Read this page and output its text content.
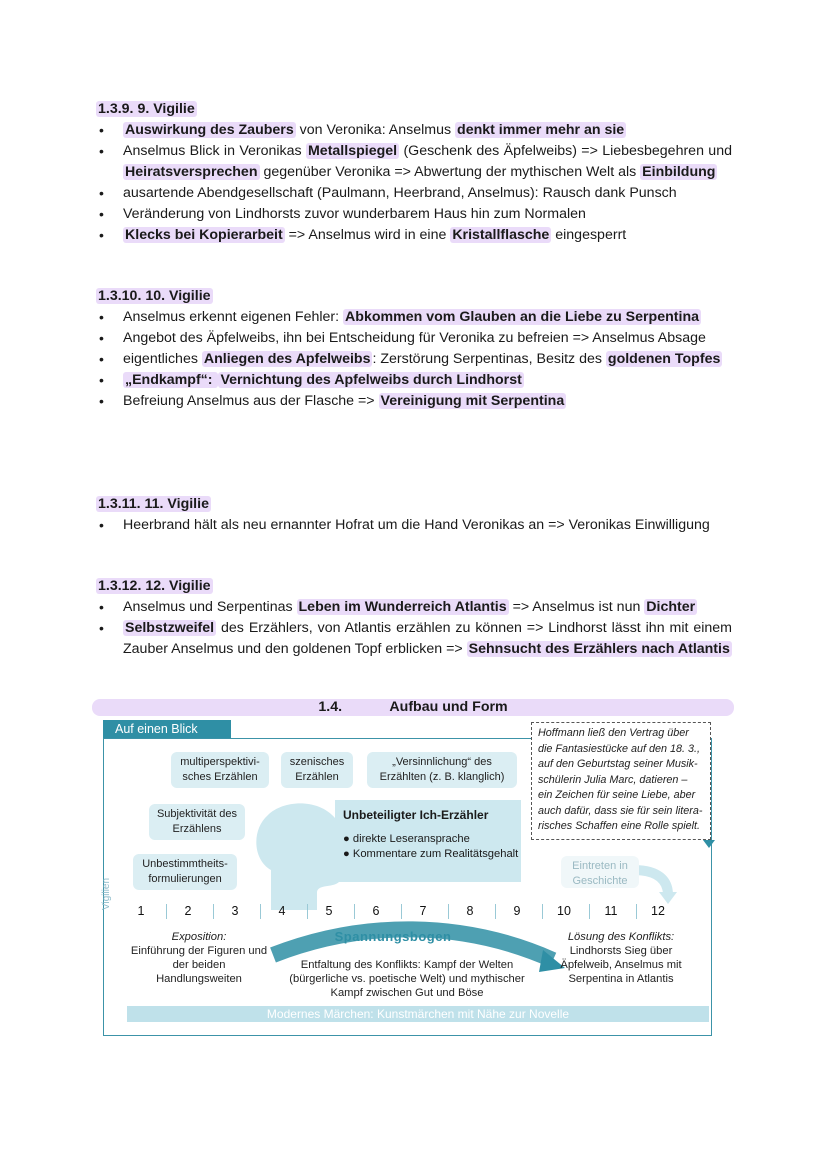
1.3.9. 9. Vigilie

• Auswirkung des Zaubers von Veronika: Anselmus denkt immer mehr an sie
• Anselmus Blick in Veronikas Metallspiegel (Geschenk des Äpfelweibs) => Liebesbegehren und Heiratsversprechen gegenüber Veronika => Abwertung der mythischen Welt als Einbildung
• ausartende Abendgesellschaft (Paulmann, Heerbrand, Anselmus): Rausch dank Punsch
• Veränderung von Lindhorsts zuvor wunderbarem Haus hin zum Normalen
• Klecks bei Kopierarbeit => Anselmus wird in eine Kristallflasche eingesperrt

1.3.10. 10. Vigilie

• Anselmus erkennt eigenen Fehler: Abkommen vom Glauben an die Liebe zu Serpentina
• Angebot des Äpfelweibs, ihn bei Entscheidung für Veronika zu befreien => Anselmus Absage
• eigentliches Anliegen des Apfelweibs : Zerstörung Serpentinas, Besitz des goldenen Topfes
• „Endkampf“: Vernichtung des Apfelweibs durch Lindhorst
• Befreiung Anselmus aus der Flasche => Vereinigung mit Serpentina

1.3.11. 11. Vigilie

• Heerbrand hält als neu ernannter Hofrat um die Hand Veronikas an => Veronikas Einwilligung

1.3.12. 12. Vigilie

• Anselmus und Serpentinas Leben im Wunderreich Atlantis => Anselmus ist nun Dichter
• Selbstzweifel des Erzählers, von Atlantis erzählen zu können => Lindhorst lässt ihn mit einem Zauber Anselmus und den goldenen Topf erblicken => Sehnsucht des Erzählers nach Atlantis
1.4.	Aufbau und Form
Auf einen Blick	Hoffmann ließ den Vertrag über die Fantasiestücke auf den 18. 3., auf den Geburtstag seiner Musik-schülerin Julia Marc, datieren – ein Zeichen für seine Liebe, aber auch dafür, dass sie für sein litera-risches Schaffen eine Rolle spielt.
multiperspektivi-sches Erzählen
szenisches Erzählen
„Versinnlichung“ des Erzählten (z. B. klanglich)
Subjektivität des Erzählens
Unbestimmtheits-formulierungen
Eintreten in Geschichte
Unbeteiligter Ich-Erzähler
● direkte Leseransprache
● Kommentare zum Realitätsgehalt
Vigilien
1	2	3	4	5	6	7	8	9	10	11	12
Exposition:
Einführung der Figuren und der beiden Handlungsweiten
Spannungsbogen
Entfaltung des Konflikts: Kampf der Welten (bürgerliche vs. poetische Welt) und mythischer Kampf zwischen Gut und Böse
Lösung des Konflikts:
Lindhorsts Sieg über Äpfelweib, Anselmus mit Serpentina in Atlantis
Modernes Märchen: Kunstmärchen mit Nähe zur Novelle
